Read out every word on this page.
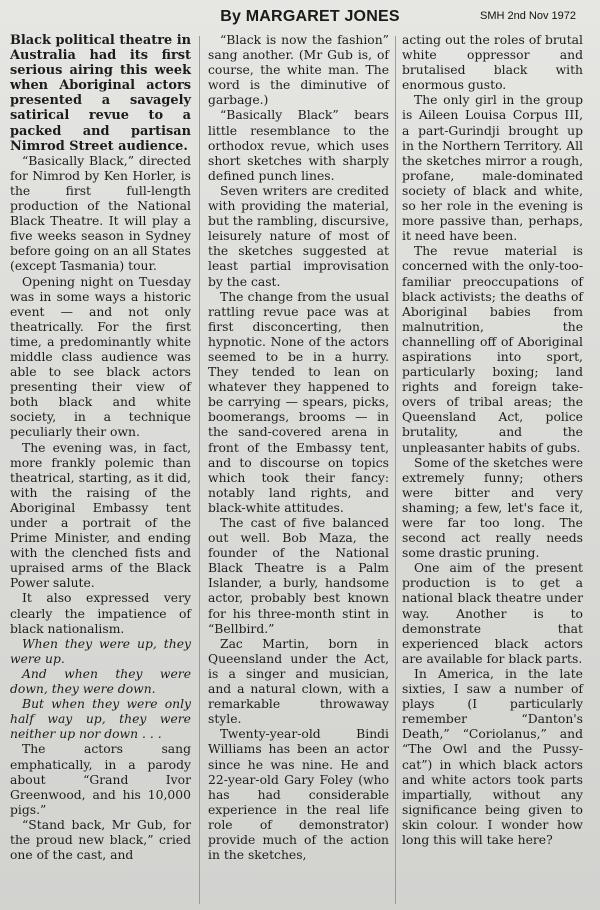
By MARGARET JONES	SMH 2nd Nov 1972

Black political theatre in Australia had its first serious airing this week when Aboriginal actors presented a savagely satirical revue to a packed and partisan Nimrod Street audience.

“Basically Black,” directed for Nimrod by Ken Horler, is the first full-length production of the National Black Theatre. It will play a five weeks season in Sydney before going on an all States (except Tasmania) tour.

Opening night on Tuesday was in some ways a historic event — and not only theatrically. For the first time, a predominantly white middle class audience was able to see black actors presenting their view of both black and white society, in a technique peculiarly their own.

The evening was, in fact, more frankly polemic than theatrical, starting, as it did, with the raising of the Aboriginal Embassy tent under a portrait of the Prime Minister, and ending with the clenched fists and upraised arms of the Black Power salute.

It also expressed very clearly the impatience of black nationalism.

When they were up, they were up.

And when they were down, they were down.

But when they were only half way up, they were neither up nor down . . .

The actors sang emphatically, in a parody about “Grand Ivor Greenwood, and his 10,000 pigs.”

“Stand back, Mr Gub, for the proud new black,” cried one of the cast, and

“Black is now the fashion” sang another. (Mr Gub is, of course, the white man. The word is the diminutive of garbage.)

“Basically Black” bears little resemblance to the orthodox revue, which uses short sketches with sharply defined punch lines.

Seven writers are credited with providing the material, but the rambling, discursive, leisurely nature of most of the sketches suggested at least partial improvisation by the cast.

The change from the usual rattling revue pace was at first disconcerting, then hypnotic. None of the actors seemed to be in a hurry. They tended to lean on whatever they happened to be carrying — spears, picks, boomerangs, brooms — in the sand-covered arena in front of the Embassy tent, and to discourse on topics which took their fancy: notably land rights, and black-white attitudes.

The cast of five balanced out well. Bob Maza, the founder of the National Black Theatre is a Palm Islander, a burly, handsome actor, probably best known for his three-month stint in “Bellbird.”

Zac Martin, born in Queensland under the Act, is a singer and musician, and a natural clown, with a remarkable throwaway style.

Twenty-year-old Bindi Williams has been an actor since he was nine. He and 22-year-old Gary Foley (who has had considerable experience in the real life role of demonstrator) provide much of the action in the sketches,

acting out the roles of brutal white oppressor and brutalised black with enormous gusto.

The only girl in the group is Aileen Louisa Corpus III, a part-Gurindji brought up in the Northern Territory. All the sketches mirror a rough, profane, male-dominated society of black and white, so her role in the evening is more passive than, perhaps, it need have been.

The revue material is concerned with the only-too-familiar preoccupations of black activists; the deaths of Aboriginal babies from malnutrition, the channelling off of Aboriginal aspirations into sport, particularly boxing; land rights and foreign take-overs of tribal areas; the Queensland Act, police brutality, and the unpleasanter habits of gubs.

Some of the sketches were extremely funny; others were bitter and very shaming; a few, let's face it, were far too long. The second act really needs some drastic pruning.

One aim of the present production is to get a national black theatre under way. Another is to demonstrate that experienced black actors are available for black parts.

In America, in the late sixties, I saw a number of plays (I particularly remember “Danton's Death,” “Coriolanus,” and “The Owl and the Pussy-cat”) in which black actors and white actors took parts impartially, without any significance being given to skin colour. I wonder how long this will take here?
